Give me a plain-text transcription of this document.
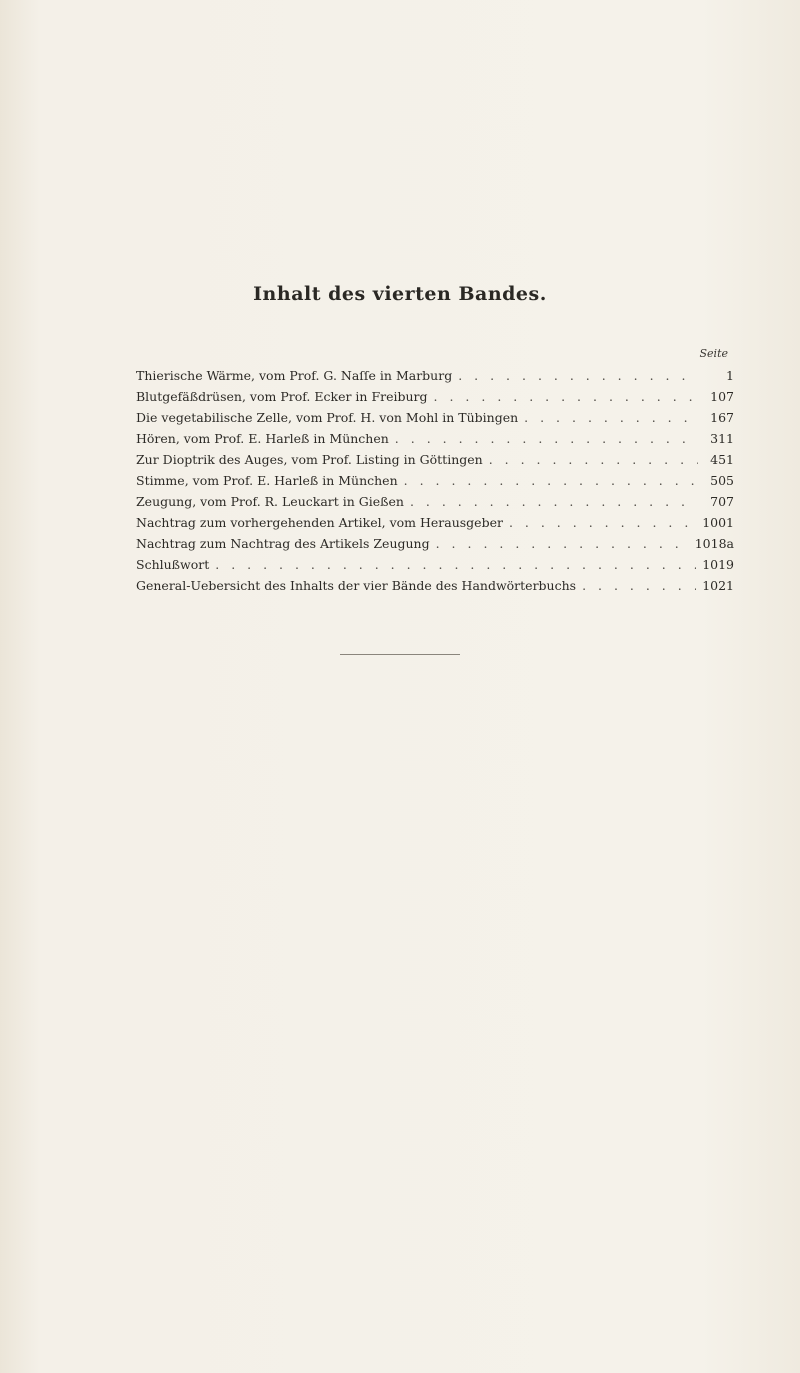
Inhalt des vierten Bandes.
Seite
Thierische Wärme, vom Prof. G. Naſſe in Marburg . . .	1
Blutgefäßdrüsen, vom Prof. Ecker in Freiburg . . .	107
Die vegetabilische Zelle, vom Prof. H. von Mohl in Tübingen . . .	167
Hören, vom Prof. E. Harleß in München . . .	311
Zur Dioptrik des Auges, vom Prof. Listing in Göttingen . . .	451
Stimme, vom Prof. E. Harleß in München . . .	505
Zeugung, vom Prof. R. Leuckart in Gießen . . .	707
Nachtrag zum vorhergehenden Artikel, vom Herausgeber . . .	1001
Nachtrag zum Nachtrag des Artikels Zeugung . . .	1018a
Schlußwort . . .	1019
General-Uebersicht des Inhalts der vier Bände des Handwörterbuchs . . .	1021
